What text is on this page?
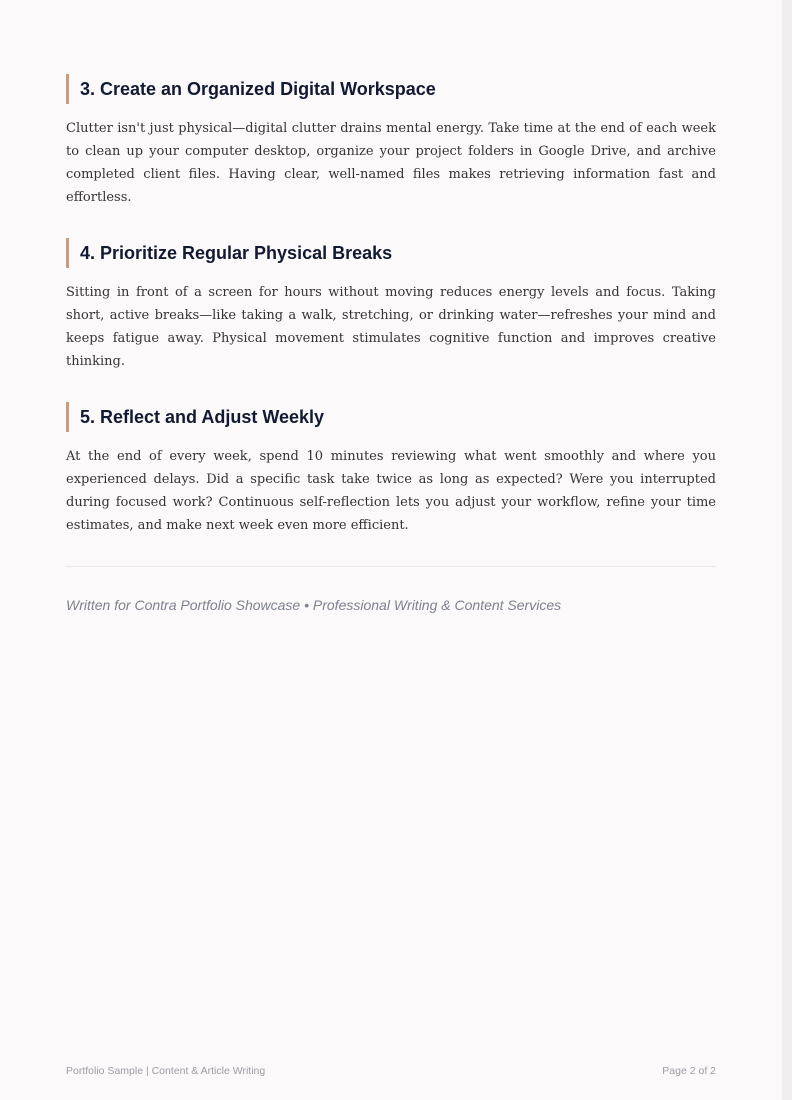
3. Create an Organized Digital Workspace

Clutter isn't just physical—digital clutter drains mental energy. Take time at the end of each week to clean up your computer desktop, organize your project folders in Google Drive, and archive completed client files. Having clear, well-named files makes retrieving information fast and effortless.

4. Prioritize Regular Physical Breaks

Sitting in front of a screen for hours without moving reduces energy levels and focus. Taking short, active breaks—like taking a walk, stretching, or drinking water—refreshes your mind and keeps fatigue away. Physical movement stimulates cognitive function and improves creative thinking.

5. Reflect and Adjust Weekly

At the end of every week, spend 10 minutes reviewing what went smoothly and where you experienced delays. Did a specific task take twice as long as expected? Were you interrupted during focused work? Continuous self-reflection lets you adjust your workflow, refine your time estimates, and make next week even more efficient.

Written for Contra Portfolio Showcase • Professional Writing & Content Services

Portfolio Sample | Content & Article Writing	Page 2 of 2
